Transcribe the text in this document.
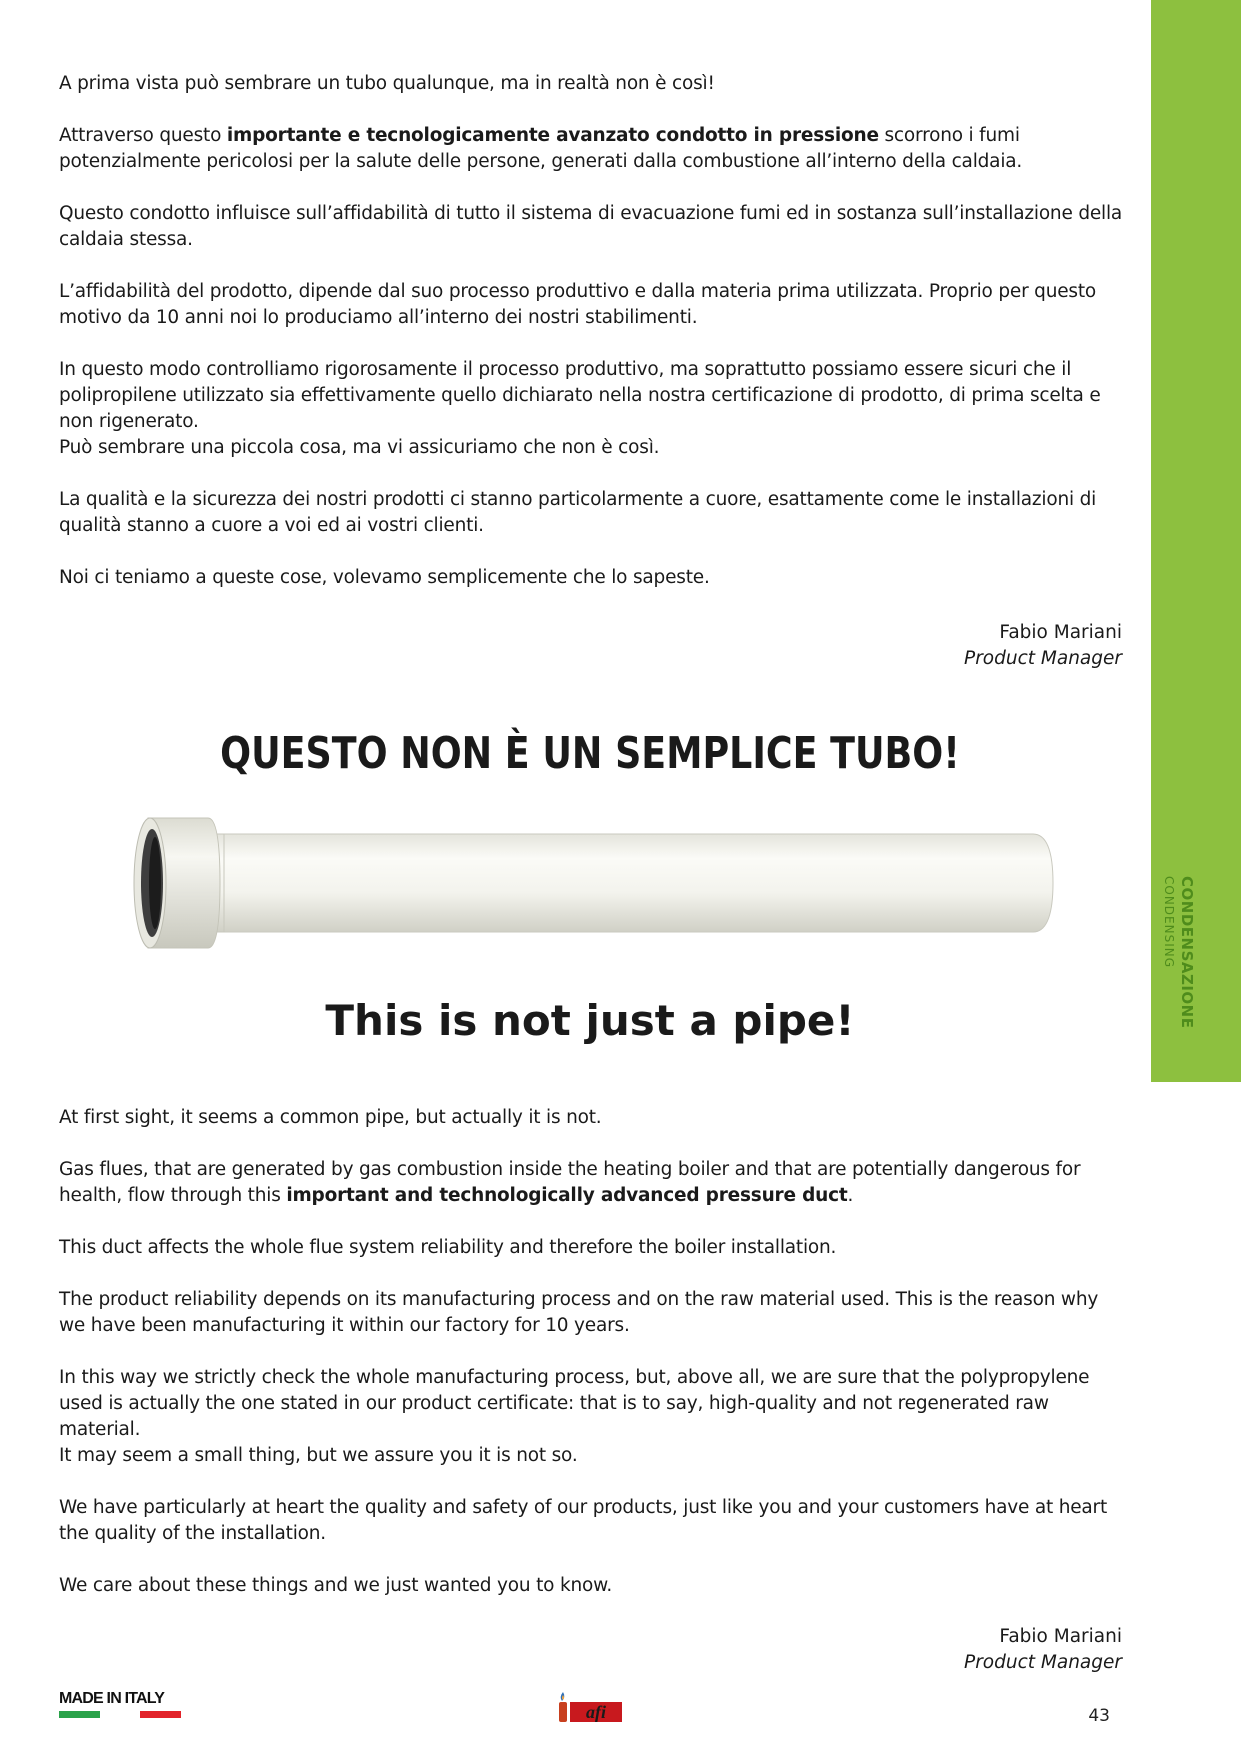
CONDENSAZIONE
CONDENSING

A prima vista può sembrare un tubo qualunque, ma in realtà non è così!

Attraverso questo importante e tecnologicamente avanzato condotto in pressione scorrono i fumi potenzialmente pericolosi per la salute delle persone, generati dalla combustione all’interno della caldaia.

Questo condotto influisce sull’affidabilità di tutto il sistema di evacuazione fumi ed in sostanza sull’installazione della caldaia stessa.

L’affidabilità del prodotto, dipende dal suo processo produttivo e dalla materia prima utilizzata. Proprio per questo motivo da 10 anni noi lo produciamo all’interno dei nostri stabilimenti.

In questo modo controlliamo rigorosamente il processo produttivo, ma soprattutto possiamo essere sicuri che il polipropilene utilizzato sia effettivamente quello dichiarato nella nostra certificazione di prodotto, di prima scelta e non rigenerato.

Può sembrare una piccola cosa, ma vi assicuriamo che non è così.

La qualità e la sicurezza dei nostri prodotti ci stanno particolarmente a cuore, esattamente come le installazioni di qualità stanno a cuore a voi ed ai vostri clienti.

Noi ci teniamo a queste cose, volevamo semplicemente che lo sapeste.

Fabio Mariani
Product Manager
QUESTO NON È UN SEMPLICE TUBO!
This is not just a pipe!

At first sight, it seems a common pipe, but actually it is not.

Gas flues, that are generated by gas combustion inside the heating boiler and that are potentially dangerous for health, flow through this important and technologically advanced pressure duct.

This duct affects the whole flue system reliability and therefore the boiler installation.

The product reliability depends on its manufacturing process and on the raw material used. This is the reason why we have been manufacturing it within our factory for 10 years.

In this way we strictly check the whole manufacturing process, but, above all, we are sure that the polypropylene used is actually the one stated in our product certificate: that is to say, high-quality and not regenerated raw material.

It may seem a small thing, but we assure you it is not so.

We have particularly at heart the quality and safety of our products, just like you and your customers have at heart the quality of the installation.

We care about these things and we just wanted you to know.

Fabio Mariani
Product Manager
MADE IN ITALY
afi	43
